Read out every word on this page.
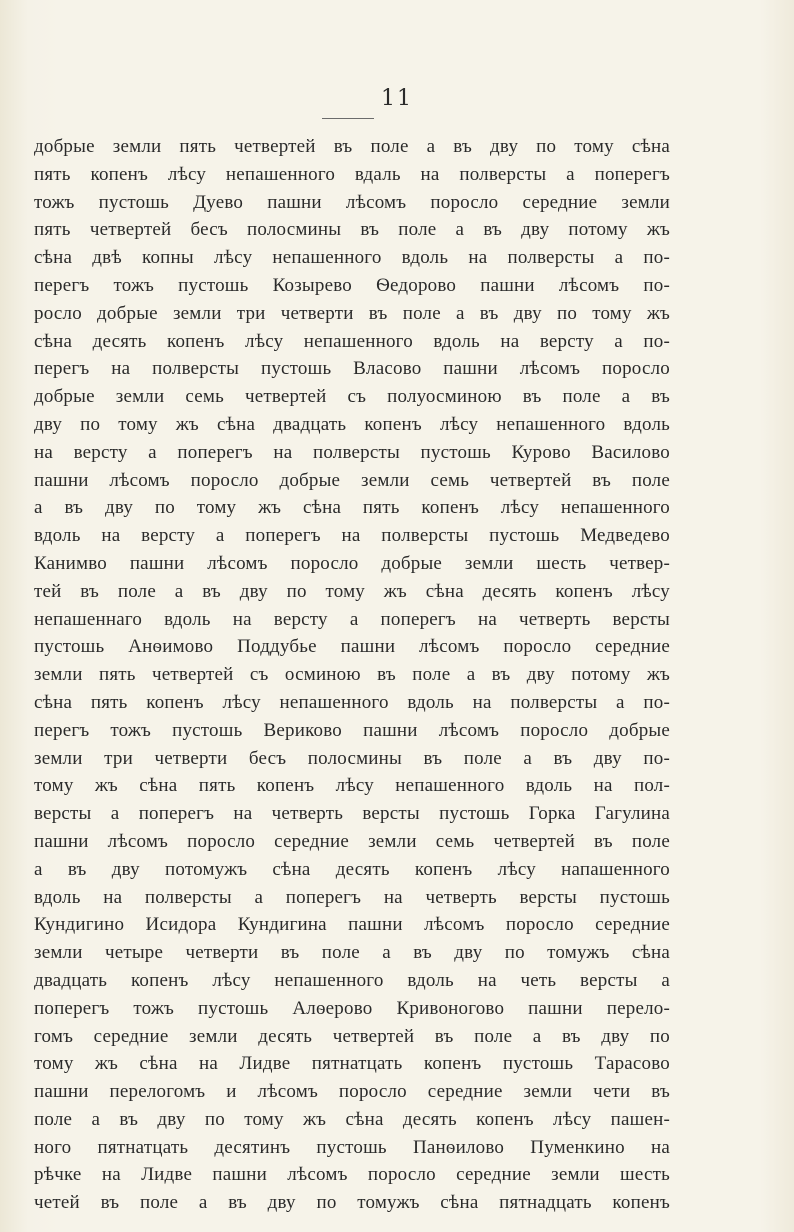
11
добрые земли пять четвертей въ поле а въ дву по тому сѣна
пять копенъ лѣсу непашенного вдаль на полверсты а поперегъ
тожъ пустошь Дуево пашни лѣсомъ поросло середние земли
пять четвертей бесъ полосмины въ поле а въ дву потому жъ
сѣна двѣ копны лѣсу непашенного вдоль на полверсты а по-
перегъ тожъ пустошь Козырево Ѳедорово пашни лѣсомъ по-
росло добрые земли три четверти въ поле а въ дву по тому жъ
сѣна десять копенъ лѣсу непашенного вдоль на версту а по-
перегъ на полверсты пустошь Власово пашни лѣсомъ поросло
добрые земли семь четвертей съ полуосминою въ поле а въ
дву по тому жъ сѣна двадцать копенъ лѣсу непашенного вдоль
на версту а поперегъ на полверсты пустошь Курово Василово
пашни лѣсомъ поросло добрые земли семь четвертей въ поле
а въ дву по тому жъ сѣна пять копенъ лѣсу непашенного
вдоль на версту а поперегъ на полверсты пустошь Медведево
Канимво пашни лѣсомъ поросло добрые земли шесть четвер-
тей въ поле а въ дву по тому жъ сѣна десять копенъ лѣсу
непашеннаго вдоль на версту а поперегъ на четверть версты
пустошь Анѳимово Поддубье пашни лѣсомъ поросло середние
земли пять четвертей съ осминою въ поле а въ дву потому жъ
сѣна пять копенъ лѣсу непашенного вдоль на полверсты а по-
перегъ тожъ пустошь Вериково пашни лѣсомъ поросло добрые
земли три четверти бесъ полосмины въ поле а въ дву по-
тому жъ сѣна пять копенъ лѣсу непашенного вдоль на пол-
версты а поперегъ на четверть версты пустошь Горка Гагулина
пашни лѣсомъ поросло середние земли семь четвертей въ поле
а въ дву потомужъ сѣна десять копенъ лѣсу напашенного
вдоль на полверсты а поперегъ на четверть версты пустошь
Кундигино Исидора Кундигина пашни лѣсомъ поросло середние
земли четыре четверти въ поле а въ дву по томужъ сѣна
двадцать копенъ лѣсу непашенного вдоль на четь версты а
поперегъ тожъ пустошь Алѳерово Кривоногово пашни перело-
гомъ середние земли десять четвертей въ поле а въ дву по
тому жъ сѣна на Лидве пятнатцать копенъ пустошь Тарасово
пашни перелогомъ и лѣсомъ поросло середние земли чети въ
поле а въ дву по тому жъ сѣна десять копенъ лѣсу пашен-
ного пятнатцать десятинъ пустошь Панѳилово Пуменкино на
рѣчке на Лидве пашни лѣсомъ поросло середние земли шесть
четей въ поле а въ дву по томужъ сѣна пятнадцать копенъ
